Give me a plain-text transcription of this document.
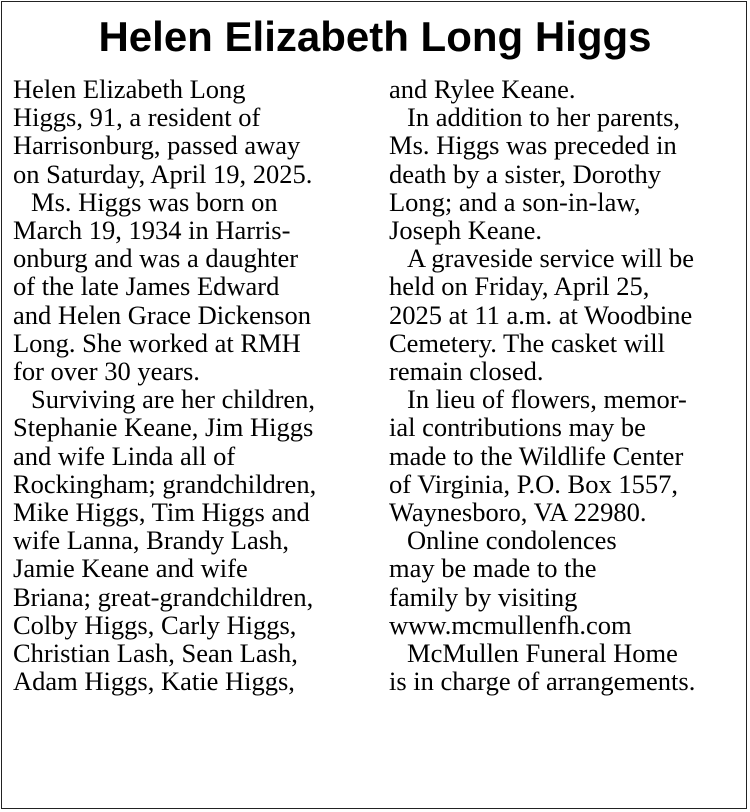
Helen Elizabeth Long Higgs
Helen Elizabeth Long
Higgs, 91, a resident of
Harrisonburg, passed away
on Saturday, April 19, 2025.
Ms. Higgs was born on
March 19, 1934 in Harris-
onburg and was a daughter
of the late James Edward
and Helen Grace Dickenson
Long. She worked at RMH
for over 30 years.
Surviving are her children,
Stephanie Keane, Jim Higgs
and wife Linda all of
Rockingham; grandchildren,
Mike Higgs, Tim Higgs and
wife Lanna, Brandy Lash,
Jamie Keane and wife
Briana; great-grandchildren,
Colby Higgs, Carly Higgs,
Christian Lash, Sean Lash,
Adam Higgs, Katie Higgs,
and Rylee Keane.
In addition to her parents,
Ms. Higgs was preceded in
death by a sister, Dorothy
Long; and a son-in-law,
Joseph Keane.
A graveside service will be
held on Friday, April 25,
2025 at 11 a.m. at Woodbine
Cemetery. The casket will
remain closed.
In lieu of flowers, memor-
ial contributions may be
made to the Wildlife Center
of Virginia, P.O. Box 1557,
Waynesboro, VA 22980.
Online condolences
may be made to the
family by visiting
www.mcmullenfh.com
McMullen Funeral Home
is in charge of arrangements.
